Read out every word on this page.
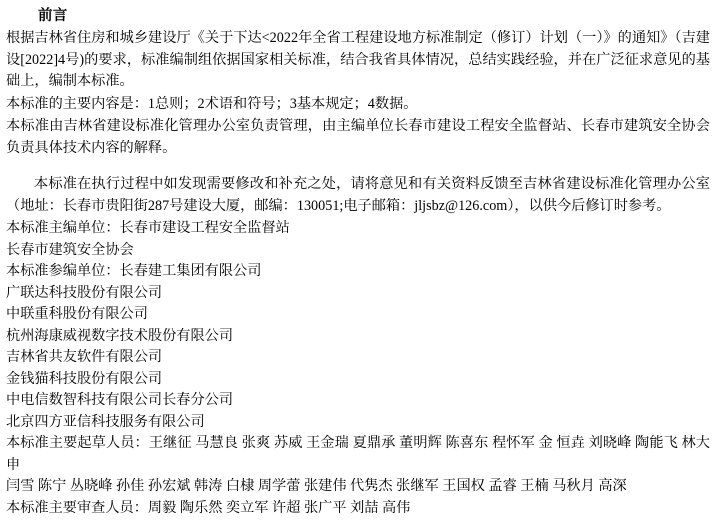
前言
根据吉林省住房和城乡建设厅《关于下达<2022年全省工程建设地方标准制定（修订）计划（一）》的通知》（吉建设[2022]4号)的要求，标准编制组依据国家相关标准，结合我省具体情况，总结实践经验，并在广泛征求意见的基础上，编制本标准。
本标准的主要内容是：1总则；2术语和符号；3基本规定；4数据。
本标准由吉林省建设标准化管理办公室负责管理，由主编单位长春市建设工程安全监督站、长春市建筑安全协会负责具体技术内容的解释。
本标准在执行过程中如发现需要修改和补充之处，请将意见和有关资料反馈至吉林省建设标准化管理办公室（地址：长春市贵阳街287号建设大厦，邮编：130051;电子邮箱：jljsbz@126.com），以供今后修订时参考。
本标准主编单位：长春市建设工程安全监督站
长春市建筑安全协会
本标准参编单位：长春建工集团有限公司
广联达科技股份有限公司
中联重科股份有限公司
杭州海康威视数字技术股份有限公司
吉林省共友软件有限公司
金钱猫科技股份有限公司
中电信数智科技有限公司长春分公司
北京四方亚信科技服务有限公司
本标准主要起草人员：王继征 马慧良 张爽 苏威 王金瑞 夏鼎承 董明辉 陈喜东 程怀军 金 恒垚 刘晓峰 陶能飞 林大申
闫雪 陈宁 丛晓峰 孙佳 孙宏斌 韩涛 白棣 周学蕾 张建伟 代隽杰 张继军 王国权 孟睿 王楠 马秋月 高深
本标准主要审查人员：周毅 陶乐然 奕立军 许超 张广平 刘喆 高伟
